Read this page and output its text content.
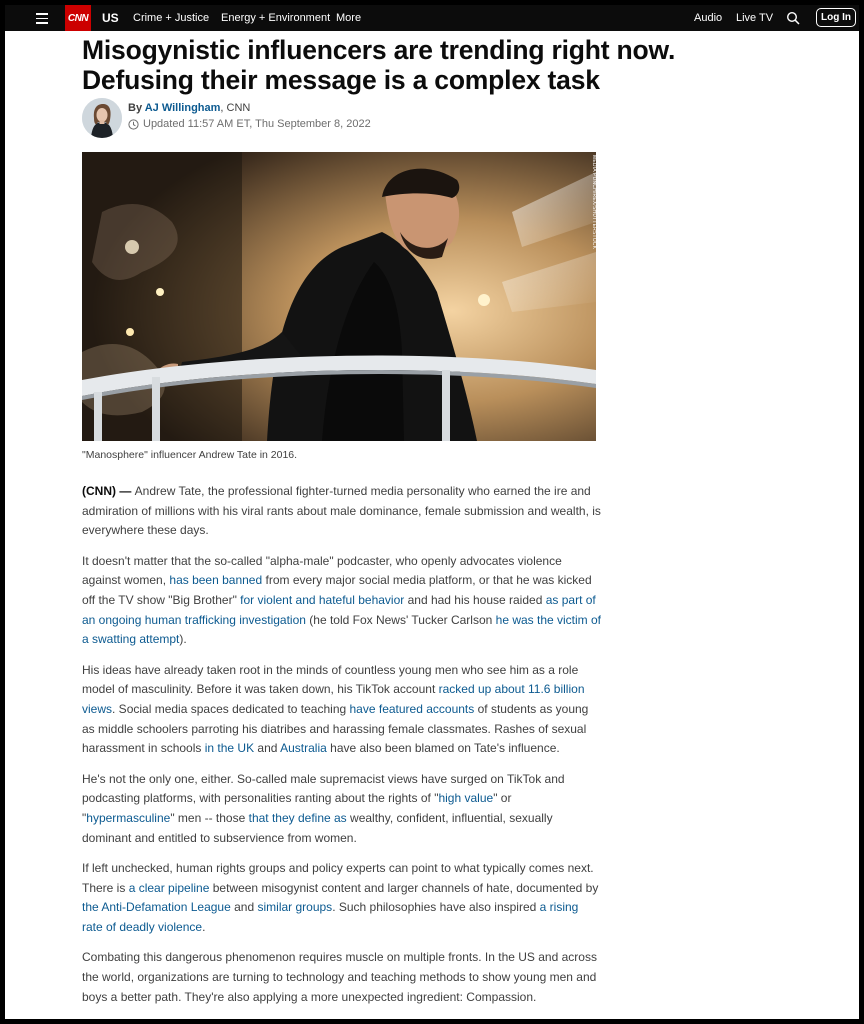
CNN US Crime + Justice Energy + Environment More	Audio Live TV	Log In
Misogynistic influencers are trending right now. Defusing their message is a complex task
By AJ Willingham, CNN
Updated 11:57 AM ET, Thu September 8, 2022
MEDIA PUNCH/REX/SHUTTERSTOCK
"Manosphere" influencer Andrew Tate in 2016.

(CNN) — Andrew Tate, the professional fighter-turned media personality who earned the ire and admiration of millions with his viral rants about male dominance, female submission and wealth, is everywhere these days.

It doesn't matter that the so-called "alpha-male" podcaster, who openly advocates violence against women, has been banned from every major social media platform, or that he was kicked off the TV show "Big Brother" for violent and hateful behavior and had his house raided as part of an ongoing human trafficking investigation (he told Fox News' Tucker Carlson he was the victim of a swatting attempt).

His ideas have already taken root in the minds of countless young men who see him as a role model of masculinity. Before it was taken down, his TikTok account racked up about 11.6 billion views. Social media spaces dedicated to teaching have featured accounts of students as young as middle schoolers parroting his diatribes and harassing female classmates. Rashes of sexual harassment in schools in the UK and Australia have also been blamed on Tate's influence.

He's not the only one, either. So-called male supremacist views have surged on TikTok and podcasting platforms, with personalities ranting about the rights of "high value" or "hypermasculine" men -- those that they define as wealthy, confident, influential, sexually dominant and entitled to subservience from women.

If left unchecked, human rights groups and policy experts can point to what typically comes next. There is a clear pipeline between misogynist content and larger channels of hate, documented by the Anti-Defamation League and similar groups. Such philosophies have also inspired a rising rate of deadly violence.

Combating this dangerous phenomenon requires muscle on multiple fronts. In the US and across the world, organizations are turning to technology and teaching methods to show young men and boys a better path. They're also applying a more unexpected ingredient: Compassion.
